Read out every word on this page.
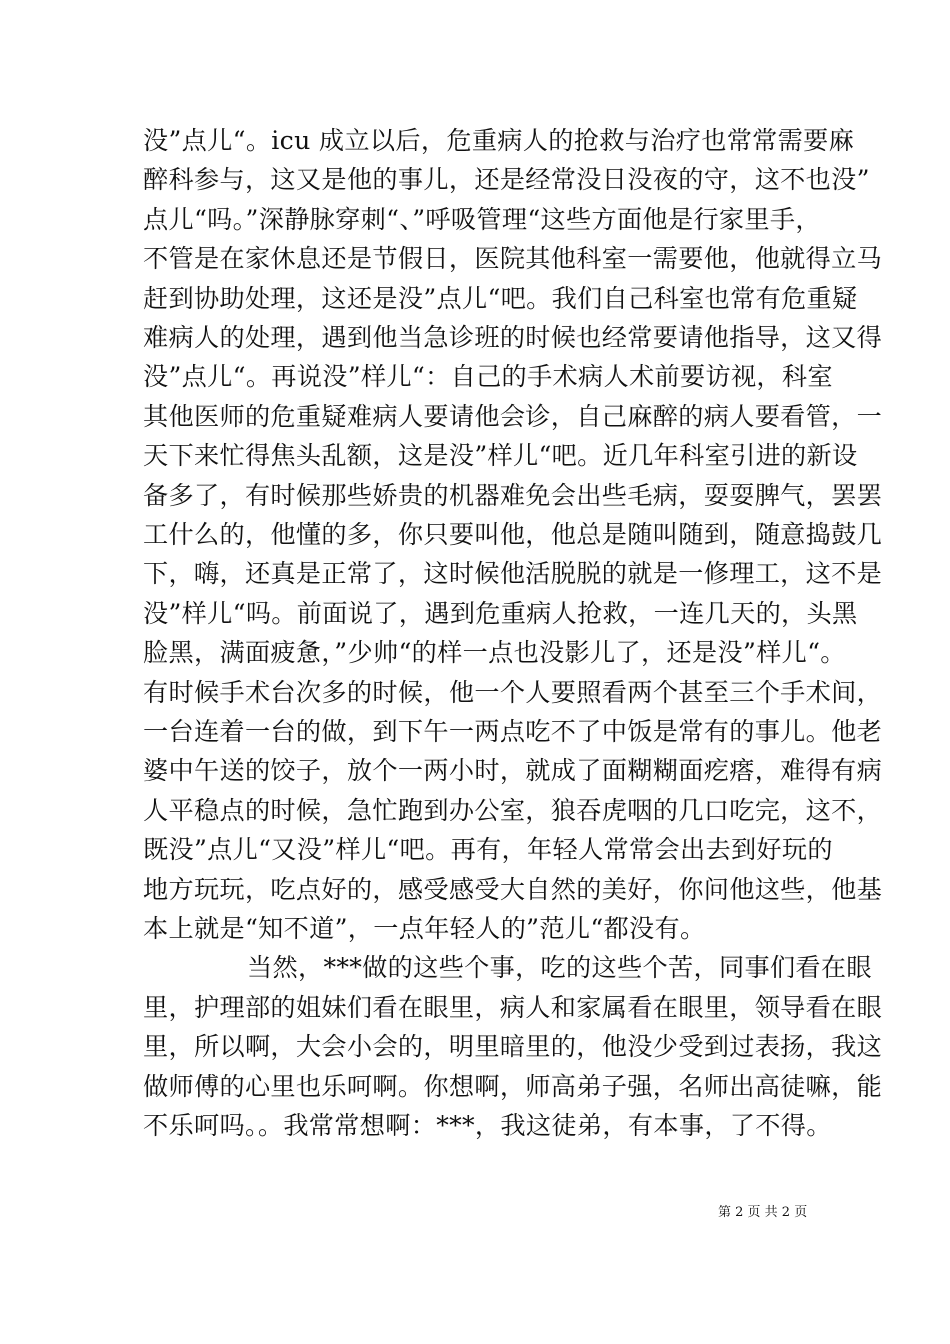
没”点儿“。icu 成立以后，危重病人的抢救与治疗也常常需要麻
醉科参与，这又是他的事儿，还是经常没日没夜的守，这不也没”
点儿“吗。”深静脉穿刺“、”呼吸管理“这些方面他是行家里手，
不管是在家休息还是节假日，医院其他科室一需要他，他就得立马
赶到协助处理，这还是没”点儿“吧。我们自己科室也常有危重疑
难病人的处理，遇到他当急诊班的时候也经常要请他指导，这又得
没”点儿“。再说没”样儿“：自己的手术病人术前要访视，科室
其他医师的危重疑难病人要请他会诊，自己麻醉的病人要看管，一
天下来忙得焦头乱额，这是没”样儿“吧。近几年科室引进的新设
备多了，有时候那些娇贵的机器难免会出些毛病，耍耍脾气，罢罢
工什么的，他懂的多，你只要叫他，他总是随叫随到，随意捣鼓几
下，嗨，还真是正常了，这时候他活脱脱的就是一修理工，这不是
没”样儿“吗。前面说了，遇到危重病人抢救，一连几天的，头黑
脸黑，满面疲惫，”少帅“的样一点也没影儿了，还是没”样儿“。
有时候手术台次多的时候，他一个人要照看两个甚至三个手术间，
一台连着一台的做，到下午一两点吃不了中饭是常有的事儿。他老
婆中午送的饺子，放个一两小时，就成了面糊糊面疙瘩，难得有病
人平稳点的时候，急忙跑到办公室，狼吞虎咽的几口吃完，这不，
既没”点儿“又没”样儿“吧。再有，年轻人常常会出去到好玩的
地方玩玩，吃点好的，感受感受大自然的美好，你问他这些，他基
本上就是“知不道”，一点年轻人的”范儿“都没有。
当然，***做的这些个事，吃的这些个苦，同事们看在眼
里，护理部的姐妹们看在眼里，病人和家属看在眼里，领导看在眼
里，所以啊，大会小会的，明里暗里的，他没少受到过表扬，我这
做师傅的心里也乐呵啊。你想啊，师高弟子强，名师出高徒嘛，能
不乐呵吗。。我常常想啊：***，我这徒弟，有本事，了不得。
第 2 页 共 2 页
